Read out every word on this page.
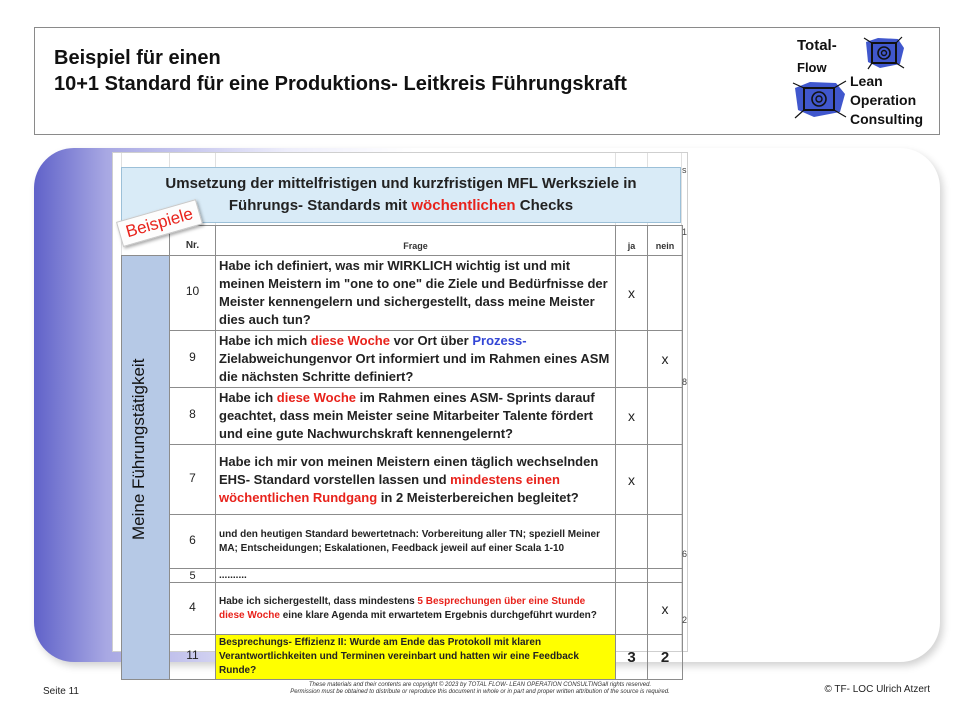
Beispiel für einen
10+1 Standard für eine Produktions- Leitkreis Führungskraft
Total-
Flow
Lean
Operation
Consulting
Umsetzung der mittelfristigen und kurzfristigen MFL Werksziele in
Führungs- Standards mit wöchentlichen Checks
	Nr.	Frage	ja	nein
	10	Habe ich definiert, was mir WIRKLICH wichtig ist und mit meinen Meistern im "one to one" die Ziele und Bedürfnisse der Meister kennengelern und sichergestellt, dass meine Meister dies auch tun?	x	
	9	Habe ich mich diese Woche vor Ort über Prozess- Zielabweichungenvor Ort informiert und im Rahmen eines ASM die nächsten Schritte definiert?		x
	8	Habe ich diese Woche im Rahmen eines ASM- Sprints darauf geachtet, dass mein Meister seine Mitarbeiter Talente fördert und eine gute Nachwurchskraft kennengelernt?	x	
	7	Habe ich mir von meinen Meistern einen täglich wechselnden EHS- Standard vorstellen lassen und mindestens einen wöchentlichen Rundgang in 2 Meisterbereichen begleitet?	x	
	6	und den heutigen Standard bewertetnach: Vorbereitung aller TN; speziell Meiner MA; Entscheidungen; Eskalationen, Feedback jeweil auf einer Scala 1-10		
	5	..........		
	4	Habe ich sichergestellt, dass mindestens 5 Besprechungen über eine Stunde diese Woche eine klare Agenda mit erwartetem Ergebnis durchgeführt wurden?		x
	11	Besprechungs- Effizienz II: Wurde am Ende das Protokoll mit klaren Verantwortlichkeiten und Terminen vereinbart und hatten wir eine Feedback Runde?	3	2
s
1
8
6
2
Meine Führungstätigkeit
Beispiele
Seite 11
These materials and their contents are copyright © 2023 by TOTAL FLOW- LEAN OPERATION CONSULTINGall rights reserved.
Permission must be obtained to distribute or reproduce this document in whole or in part and proper written attribution of the source is required.	© TF- LOC Ulrich Atzert
